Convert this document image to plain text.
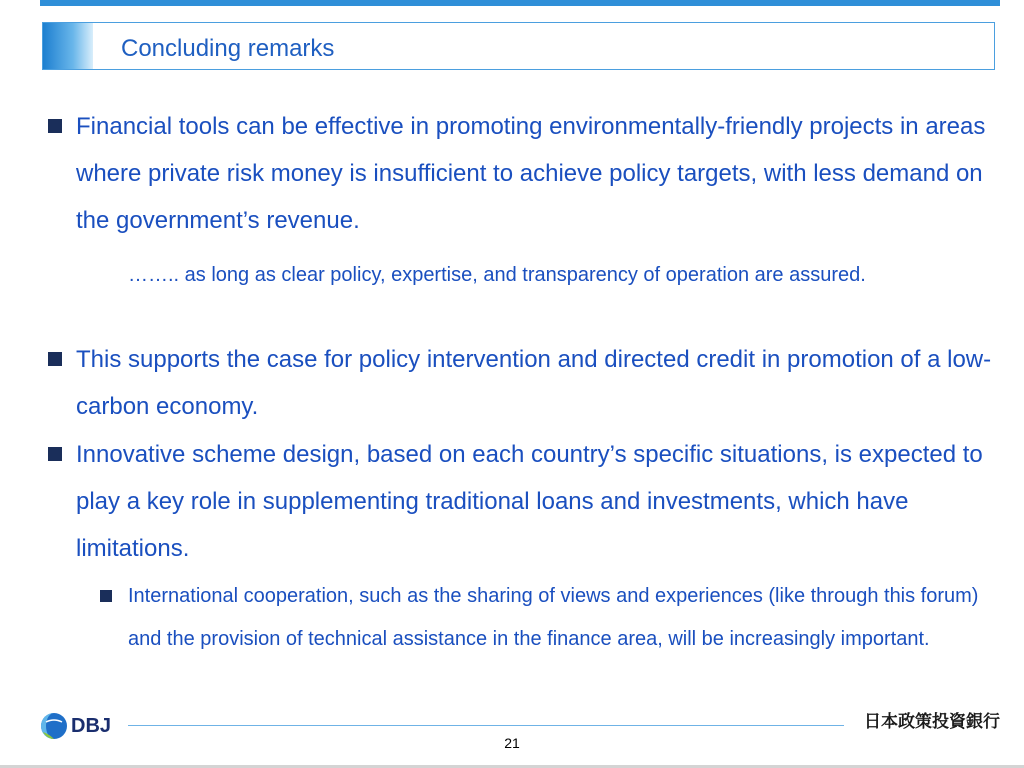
Concluding remarks
Financial tools can be effective in promoting environmentally-friendly projects in areas where private risk money is insufficient to achieve policy targets, with less demand on the government’s revenue.
…….. as long as clear policy, expertise, and transparency of operation are assured.
This supports the case for policy intervention and directed credit in promotion of a low-carbon economy.
Innovative scheme design, based on each country’s specific situations, is expected to play a key role in supplementing traditional loans and investments, which have limitations.
International cooperation, such as the sharing of views and experiences (like through this forum) and the provision of technical assistance in the finance area, will be increasingly important.
DBJ	日本政策投資銀行
21
